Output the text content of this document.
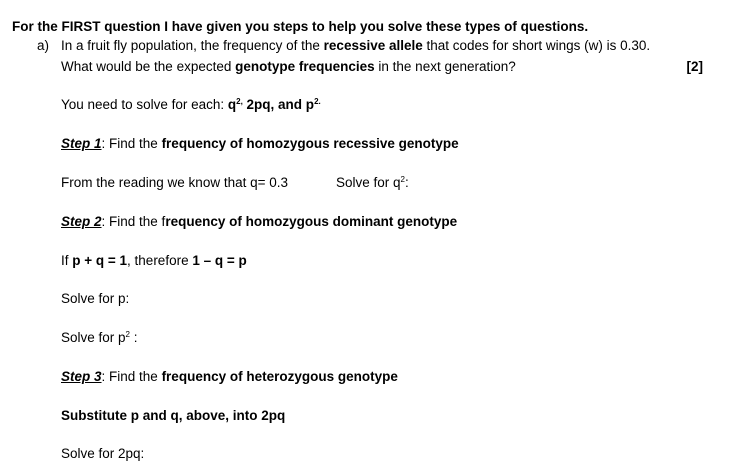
For the FIRST question I have given you steps to help you solve these types of questions.
a) In a fruit fly population, the frequency of the recessive allele that codes for short wings (w) is 0.30.
What would be the expected genotype frequencies in the next generation?	[2]
You need to solve for each: $q^{2,}$ 2pq, and $p^{2.}$
Step 1: Find the frequency of homozygous recessive genotype
From the reading we know that q= 0.3	Solve for $q^2$:
Step 2: Find the frequency of homozygous dominant genotype
If p + q = 1, therefore 1 – q = p
Solve for p:
Solve for $p^2$ :
Step 3: Find the frequency of heterozygous genotype
Substitute p and q, above, into 2pq
Solve for 2pq:
